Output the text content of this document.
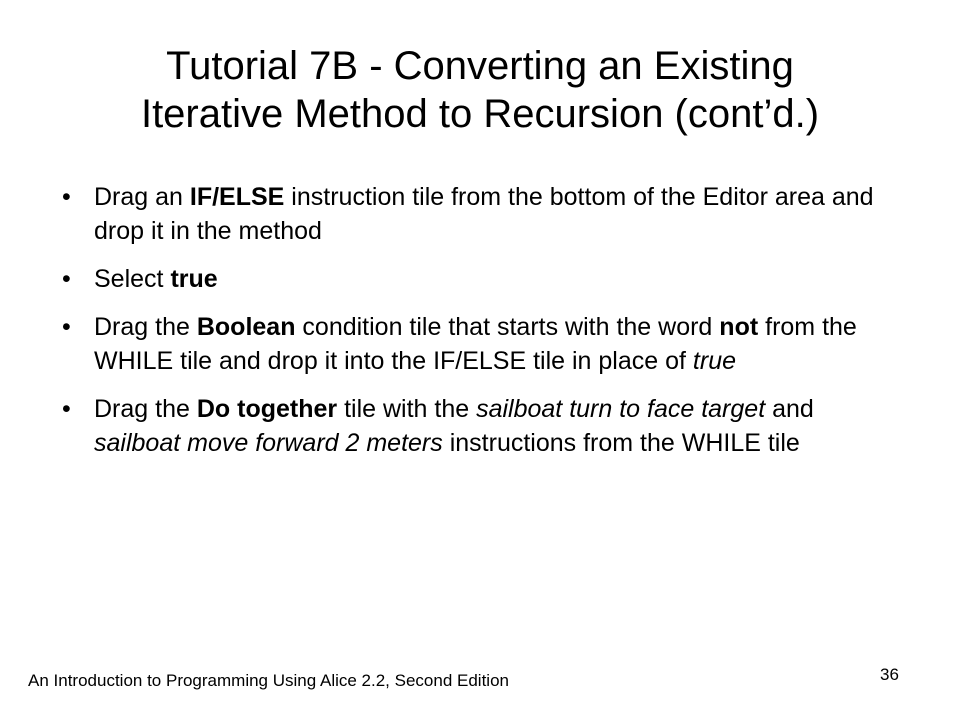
Tutorial 7B - Converting an Existing
Iterative Method to Recursion (cont’d.)
• Drag an IF/ELSE instruction tile from the bottom of the Editor area and drop it in the method
• Select true
• Drag the Boolean condition tile that starts with the word not from the WHILE tile and drop it into the IF/ELSE tile in place of true
• Drag the Do together tile with the sailboat turn to face target and sailboat move forward 2 meters instructions from the WHILE tile
An Introduction to Programming Using Alice 2.2, Second Edition	36
